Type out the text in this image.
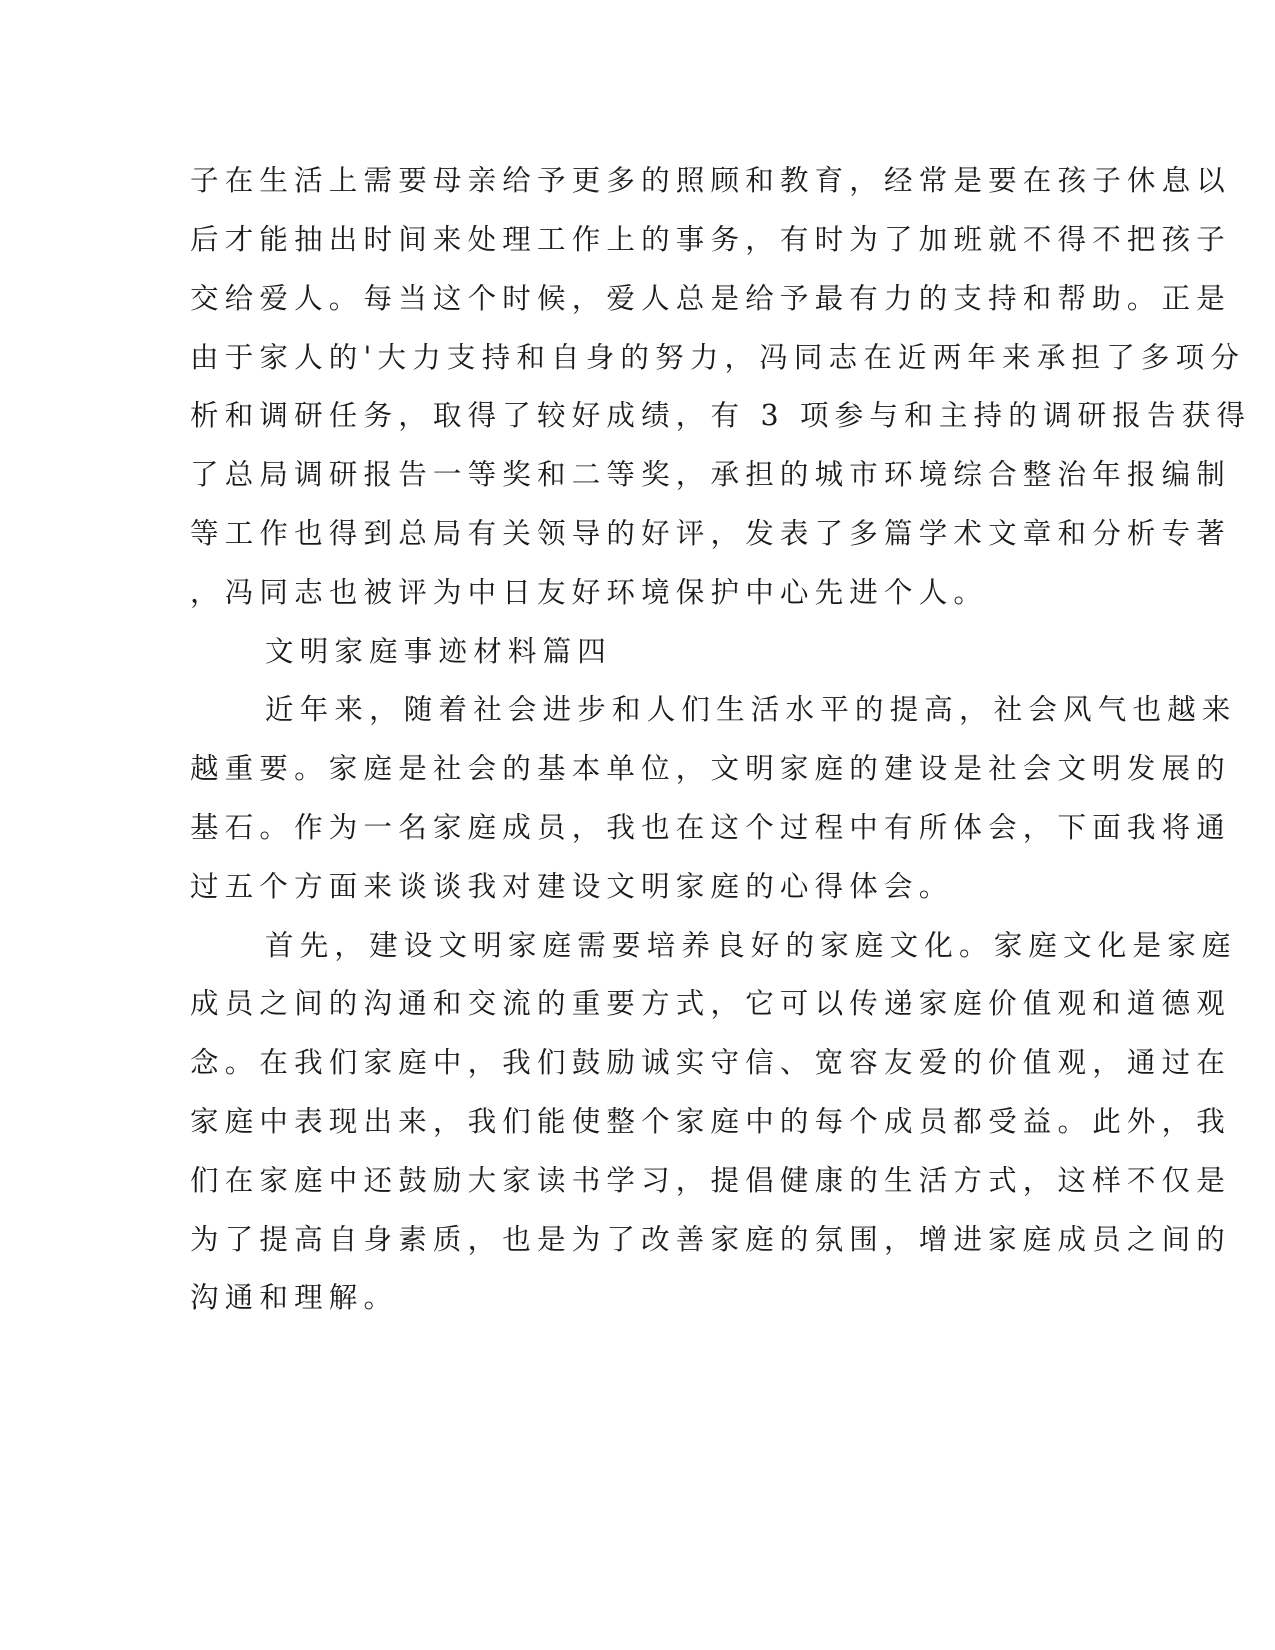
子在生活上需要母亲给予更多的照顾和教育，经常是要在孩子休息以
后才能抽出时间来处理工作上的事务，有时为了加班就不得不把孩子
交给爱人。每当这个时候，爱人总是给予最有力的支持和帮助。正是
由于家人的'大力支持和自身的努力，冯同志在近两年来承担了多项分
析和调研任务，取得了较好成绩，有 3 项参与和主持的调研报告获得
了总局调研报告一等奖和二等奖，承担的城市环境综合整治年报编制
等工作也得到总局有关领导的好评，发表了多篇学术文章和分析专著
，冯同志也被评为中日友好环境保护中心先进个人。
文明家庭事迹材料篇四
近年来，随着社会进步和人们生活水平的提高，社会风气也越来
越重要。家庭是社会的基本单位，文明家庭的建设是社会文明发展的
基石。作为一名家庭成员，我也在这个过程中有所体会，下面我将通
过五个方面来谈谈我对建设文明家庭的心得体会。
首先，建设文明家庭需要培养良好的家庭文化。家庭文化是家庭
成员之间的沟通和交流的重要方式，它可以传递家庭价值观和道德观
念。在我们家庭中，我们鼓励诚实守信、宽容友爱的价值观，通过在
家庭中表现出来，我们能使整个家庭中的每个成员都受益。此外，我
们在家庭中还鼓励大家读书学习，提倡健康的生活方式，这样不仅是
为了提高自身素质，也是为了改善家庭的氛围，增进家庭成员之间的
沟通和理解。
